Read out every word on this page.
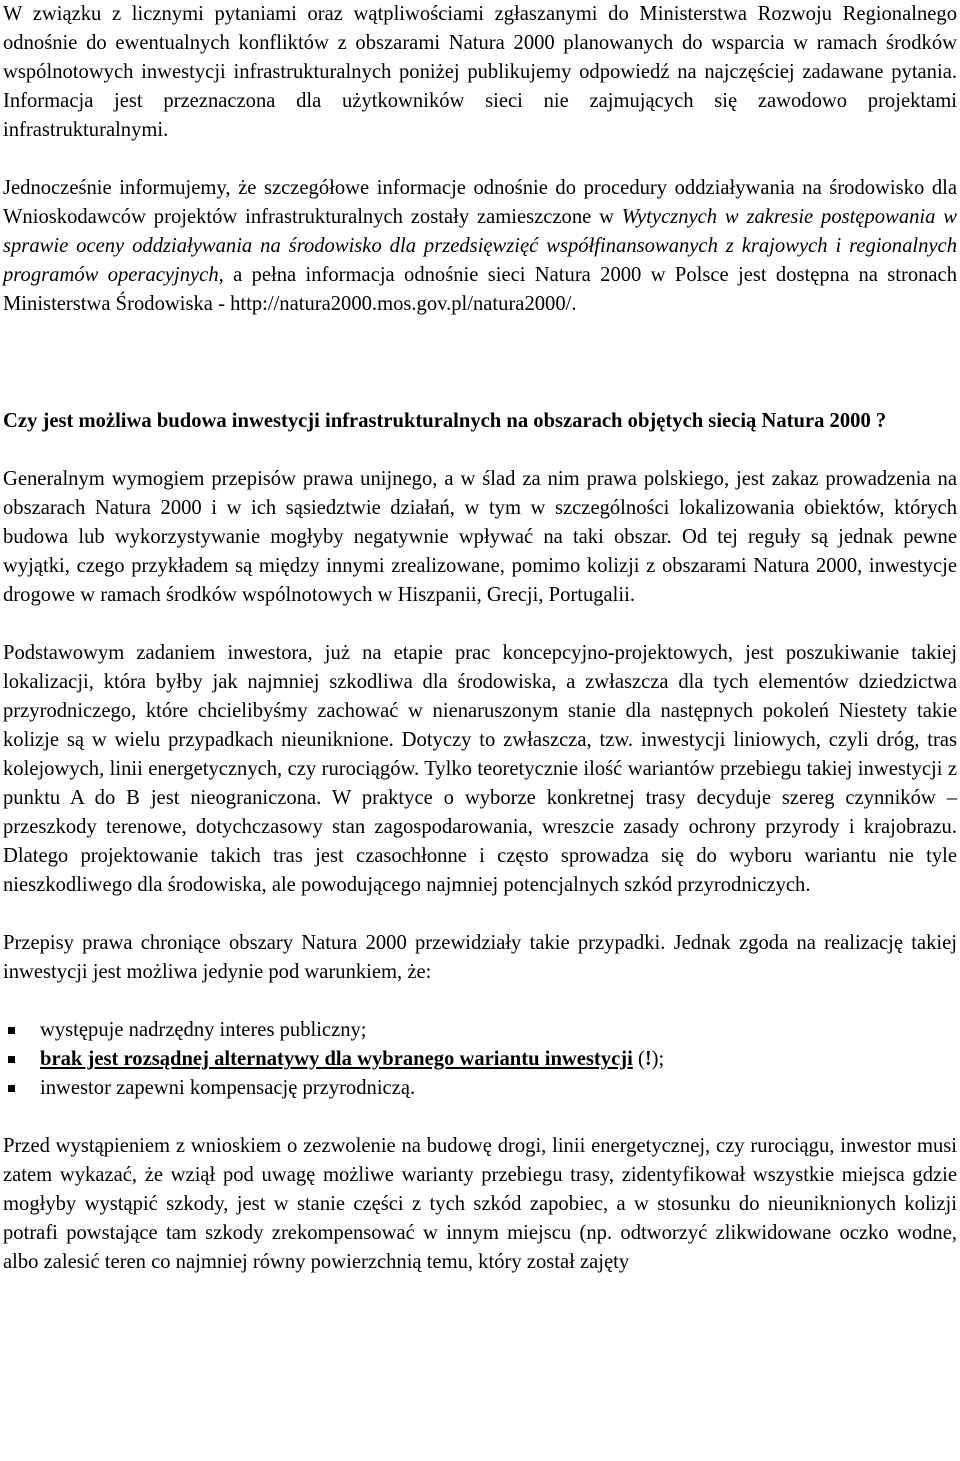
W związku z licznymi pytaniami oraz wątpliwościami zgłaszanymi do Ministerstwa Rozwoju Regionalnego odnośnie do ewentualnych konfliktów z obszarami Natura 2000 planowanych do wsparcia w ramach środków wspólnotowych inwestycji infrastrukturalnych poniżej publikujemy odpowiedź na najczęściej zadawane pytania. Informacja jest przeznaczona dla użytkowników sieci nie zajmujących się zawodowo projektami infrastrukturalnymi.

Jednocześnie informujemy, że szczegółowe informacje odnośnie do procedury oddziaływania na środowisko dla Wnioskodawców projektów infrastrukturalnych zostały zamieszczone w Wytycznych w zakresie postępowania w sprawie oceny oddziaływania na środowisko dla przedsięwzięć współfinansowanych z krajowych i regionalnych programów operacyjnych, a pełna informacja odnośnie sieci Natura 2000 w Polsce jest dostępna na stronach Ministerstwa Środowiska - http://natura2000.mos.gov.pl/natura2000/.

Czy jest możliwa budowa inwestycji infrastrukturalnych na obszarach objętych siecią Natura 2000 ?

Generalnym wymogiem przepisów prawa unijnego, a w ślad za nim prawa polskiego, jest zakaz prowadzenia na obszarach Natura 2000 i w ich sąsiedztwie działań, w tym w szczególności lokalizowania obiektów, których budowa lub wykorzystywanie mogłyby negatywnie wpływać na taki obszar. Od tej reguły są jednak pewne wyjątki, czego przykładem są między innymi zrealizowane, pomimo kolizji z obszarami Natura 2000, inwestycje drogowe w ramach środków wspólnotowych w Hiszpanii, Grecji, Portugalii.

Podstawowym zadaniem inwestora, już na etapie prac koncepcyjno-projektowych, jest poszukiwanie takiej lokalizacji, która byłby jak najmniej szkodliwa dla środowiska, a zwłaszcza dla tych elementów dziedzictwa przyrodniczego, które chcielibyśmy zachować w nienaruszonym stanie dla następnych pokoleń Niestety takie kolizje są w wielu przypadkach nieuniknione. Dotyczy to zwłaszcza, tzw. inwestycji liniowych, czyli dróg, tras kolejowych, linii energetycznych, czy rurociągów. Tylko teoretycznie ilość wariantów przebiegu takiej inwestycji z punktu A do B jest nieograniczona. W praktyce o wyborze konkretnej trasy decyduje szereg czynników – przeszkody terenowe, dotychczasowy stan zagospodarowania, wreszcie zasady ochrony przyrody i krajobrazu. Dlatego projektowanie takich tras jest czasochłonne i często sprowadza się do wyboru wariantu nie tyle nieszkodliwego dla środowiska, ale powodującego najmniej potencjalnych szkód przyrodniczych.

Przepisy prawa chroniące obszary Natura 2000 przewidziały takie przypadki. Jednak zgoda na realizację takiej inwestycji jest możliwa jedynie pod warunkiem, że:

występuje nadrzędny interes publiczny;
brak jest rozsądnej alternatywy dla wybranego wariantu inwestycji (!);
inwestor zapewni kompensację przyrodniczą.

Przed wystąpieniem z wnioskiem o zezwolenie na budowę drogi, linii energetycznej, czy rurociągu, inwestor musi zatem wykazać, że wziął pod uwagę możliwe warianty przebiegu trasy, zidentyfikował wszystkie miejsca gdzie mogłyby wystąpić szkody, jest w stanie części z tych szkód zapobiec, a w stosunku do nieuniknionych kolizji potrafi powstające tam szkody zrekompensować w innym miejscu (np. odtworzyć zlikwidowane oczko wodne, albo zalesić teren co najmniej równy powierzchnią temu, który został zajęty
